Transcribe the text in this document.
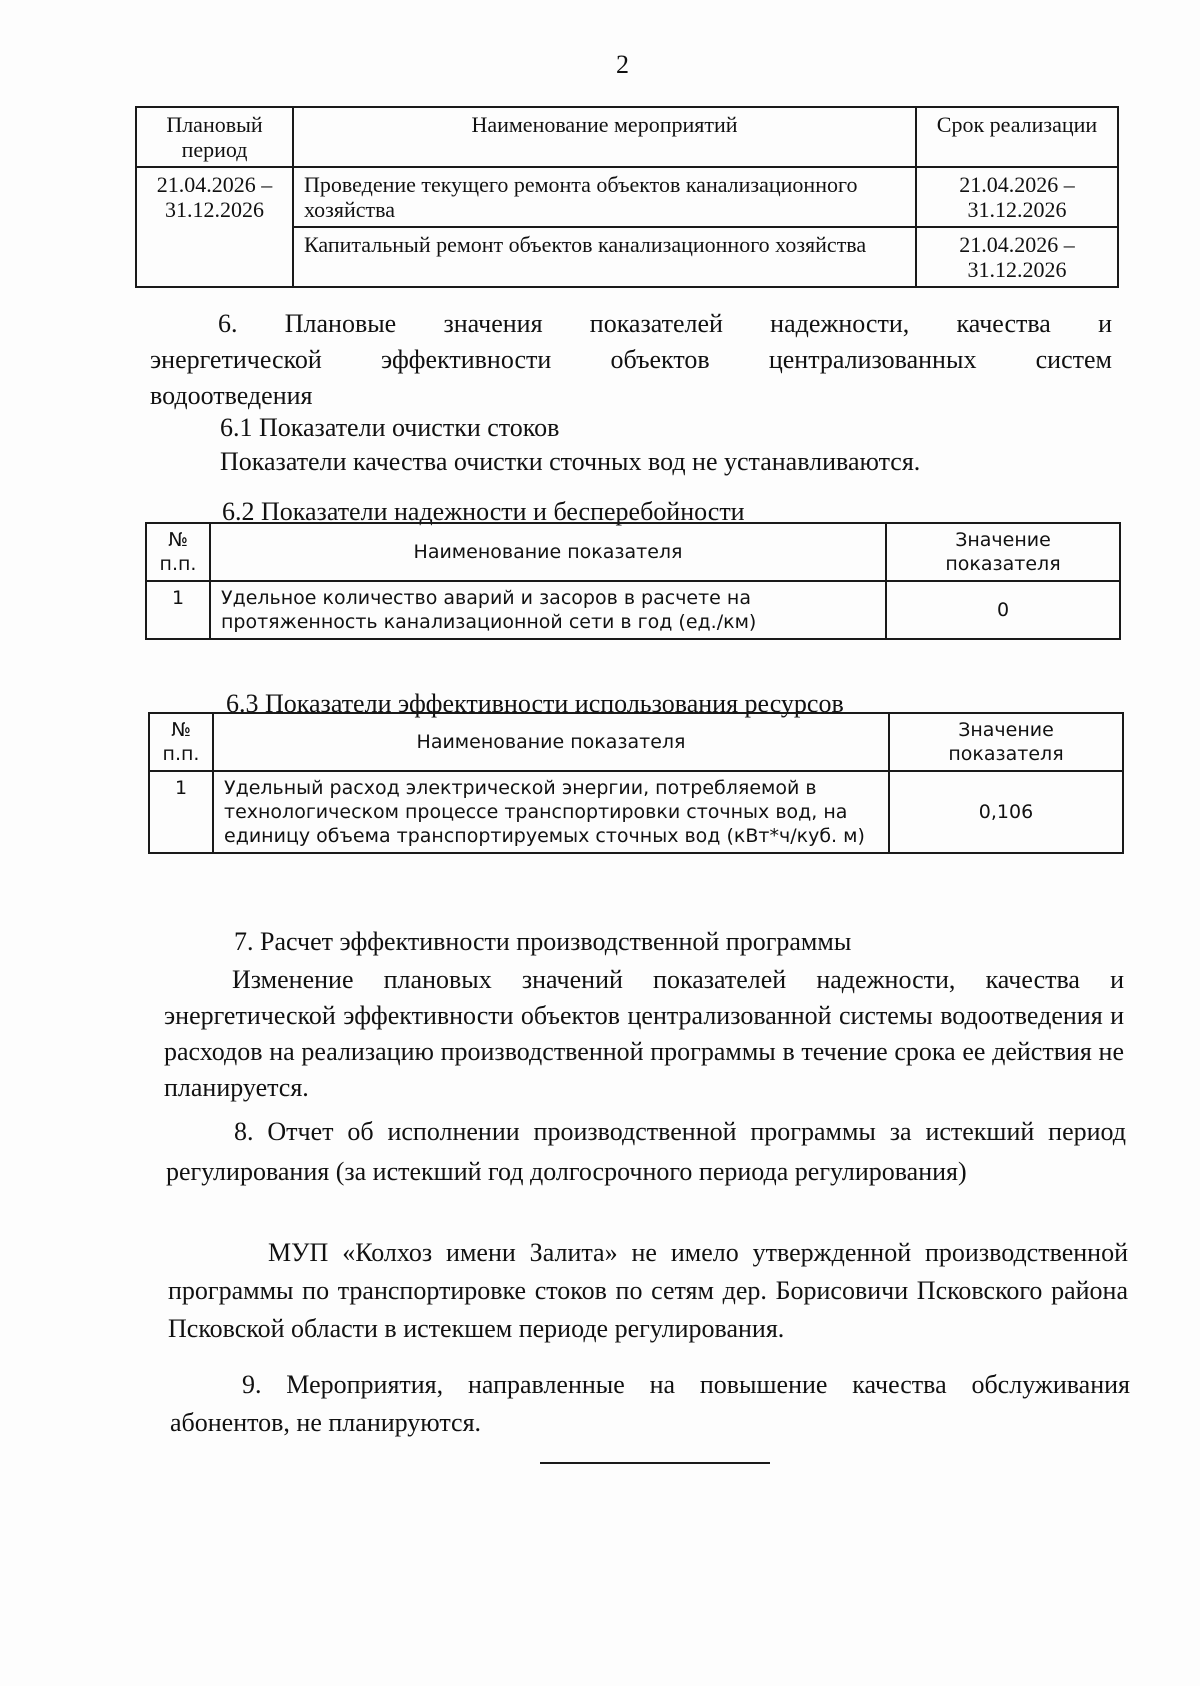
2
Плановый период	Наименование мероприятий	Срок реализации
21.04.2026 – 31.12.2026	Проведение текущего ремонта объектов канализационного хозяйства	21.04.2026 – 31.12.2026
	Капитальный ремонт объектов канализационного хозяйства	21.04.2026 – 31.12.2026

6. Плановые значения показателей надежности, качества и

энергетической эффективности объектов централизованных систем

водоотведения

6.1 Показатели очистки стоков

Показатели качества очистки сточных вод не устанавливаются.

6.2 Показатели надежности и бесперебойности

№ п.п.	Наименование показателя	Значение показателя
1	Удельное количество аварий и засоров в расчете на протяженность канализационной сети в год (ед./км)	0

6.3 Показатели эффективности использования ресурсов

№ п.п.	Наименование показателя	Значение показателя
1	Удельный расход электрической энергии, потребляемой в технологическом процессе транспортировки сточных вод, на единицу объема транспортируемых сточных вод (кВт*ч/куб. м)	0,106

7. Расчет эффективности производственной программы

Изменение плановых значений показателей надежности, качества и энергетической эффективности объектов централизованной системы водоотведения и расходов на реализацию производственной программы в течение срока ее действия не планируется.

8. Отчет об исполнении производственной программы за истекший период регулирования (за истекший год долгосрочного периода регулирования)

МУП «Колхоз имени Залита» не имело утвержденной производственной программы по транспортировке стоков по сетям дер. Борисовичи Псковского района Псковской области в истекшем периоде регулирования.

9. Мероприятия, направленные на повышение качества обслуживания абонентов, не планируются.
